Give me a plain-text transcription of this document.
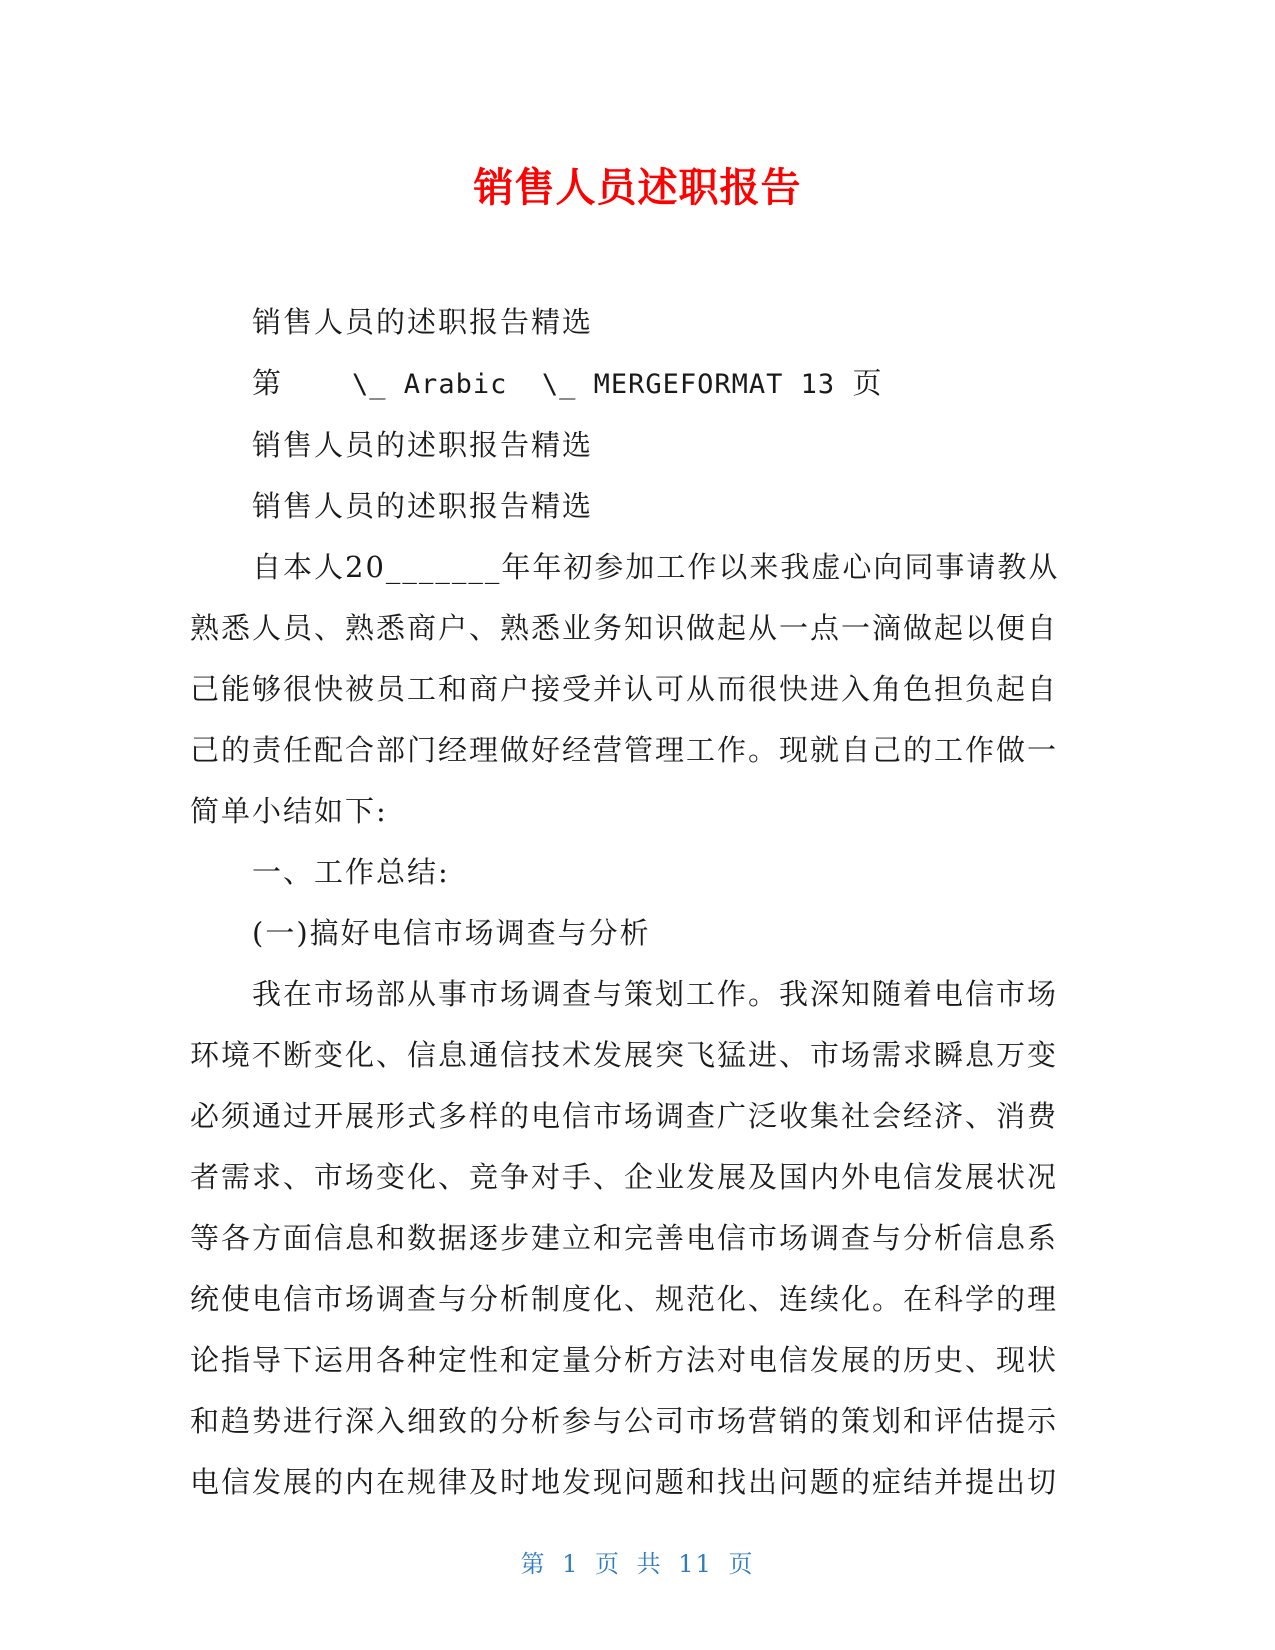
销售人员述职报告

销售人员的述职报告精选

第    \_ Arabic  \_ MERGEFORMAT 13 页

销售人员的述职报告精选

销售人员的述职报告精选

自本人20_______年年初参加工作以来我虚心向同事请教从熟悉人员、熟悉商户、熟悉业务知识做起从一点一滴做起以便自己能够很快被员工和商户接受并认可从而很快进入角色担负起自己的责任配合部门经理做好经营管理工作。现就自己的工作做一简单小结如下:

一、工作总结:

(一)搞好电信市场调查与分析

我在市场部从事市场调查与策划工作。我深知随着电信市场环境不断变化、信息通信技术发展突飞猛进、市场需求瞬息万变必须通过开展形式多样的电信市场调查广泛收集社会经济、消费者需求、市场变化、竞争对手、企业发展及国内外电信发展状况等各方面信息和数据逐步建立和完善电信市场调查与分析信息系统使电信市场调查与分析制度化、规范化、连续化。在科学的理论指导下运用各种定性和定量分析方法对电信发展的历史、现状和趋势进行深入细致的分析参与公司市场营销的策划和评估提示电信发展的内在规律及时地发现问题和找出问题的症结并提出切

第 1 页 共 11 页
